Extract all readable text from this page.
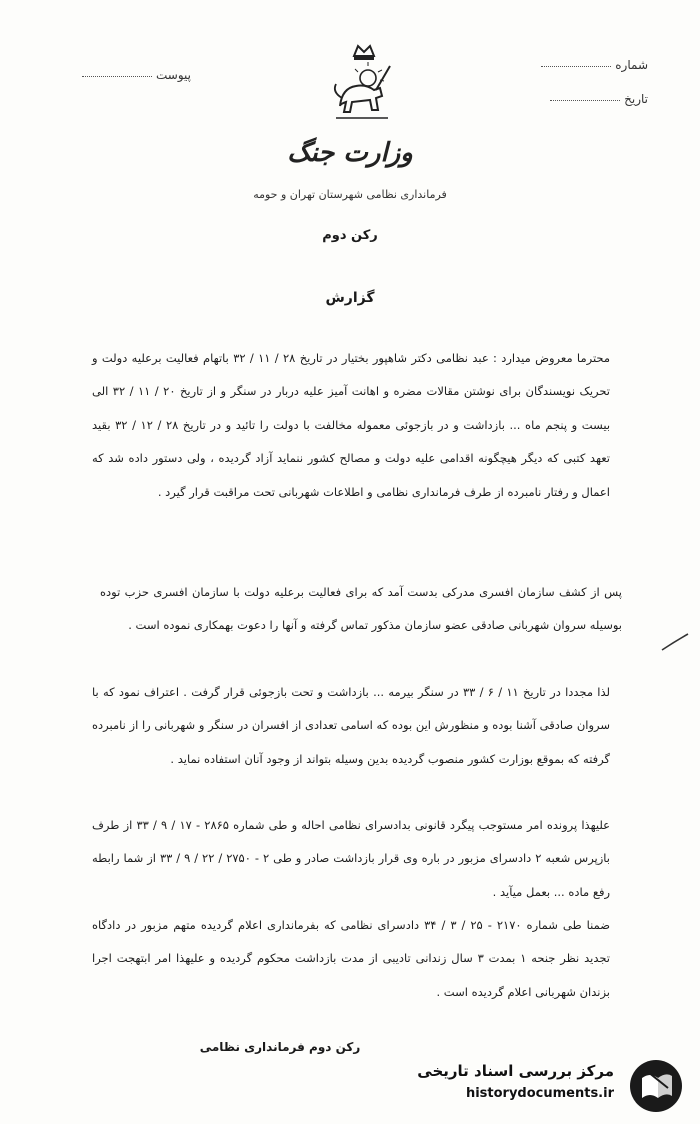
شماره
تاریخ
پیوست
وزارت جنگ
فرمانداری نظامی شهرستان تهران و حومه
رکن دوم
گزارش
محترما معروض میدارد : عبد نظامی دکتر شاهپور بختیار در تاریخ ۲۸ / ۱۱ / ۳۲ باتهام فعالیت برعلیه دولت و تحریک نویسندگان برای نوشتن مقالات مضره و اهانت آمیز علیه دربار در سنگر و از تاریخ ۲۰ / ۱۱ / ۳۲ الی بیست و پنجم ماه ... بازداشت و در بازجوئی معموله مخالفت با دولت را تائید و در تاریخ ۲۸ / ۱۲ / ۳۲ بقید تعهد کتبی که دیگر هیچگونه اقدامی علیه دولت و مصالح کشور ننماید آزاد گردیده ، ولی دستور داده شد که اعمال و رفتار نامبرده از طرف فرمانداری نظامی و اطلاعات شهربانی تحت مراقبت قرار گیرد .
پس از کشف سازمان افسری مدرکی بدست آمد که برای فعالیت برعلیه دولت با سازمان افسری حزب توده بوسیله سروان شهربانی صادقی عضو سازمان مذکور تماس گرفته و آنها را دعوت بهمکاری نموده است .
لذا مجددا در تاریخ ۱۱ / ۶ / ۳۳ در سنگر بیرمه ... بازداشت و تحت بازجوئی قرار گرفت . اعتراف نمود که با سروان صادقی آشنا بوده و منظورش این بوده که اسامی تعدادی از افسران در سنگر و شهربانی را از نامبرده گرفته که بموقع بوزارت کشور منصوب گردیده بدین وسیله بتواند از وجود آنان استفاده نماید .
علیهذا پرونده امر مستوجب پیگرد قانونی بدادسرای نظامی احاله و طی شماره ۲۸۶۵ - ۱۷ / ۹ / ۳۳ از طرف بازپرس شعبه ۲ دادسرای مزبور در باره وی قرار بازداشت صادر و طی ۲ - ۲۷۵۰ / ۲۲ / ۹ / ۳۳ از شما رابطه رفع ماده ... بعمل میآید .
ضمنا طی شماره ۲۱۷۰ - ۲۵ / ۳ / ۳۴ دادسرای نظامی که بفرمانداری اعلام گردیده متهم مزبور در دادگاه تجدید نظر جنحه ۱ بمدت ۳ سال زندانی تادیبی از مدت بازداشت محکوم گردیده و علیهذا امر ابتهجت اجرا بزندان شهربانی اعلام گردیده است .
رکن دوم فرمانداری نظامی
مرکز بررسی اسناد تاریخی
historydocuments.ir
